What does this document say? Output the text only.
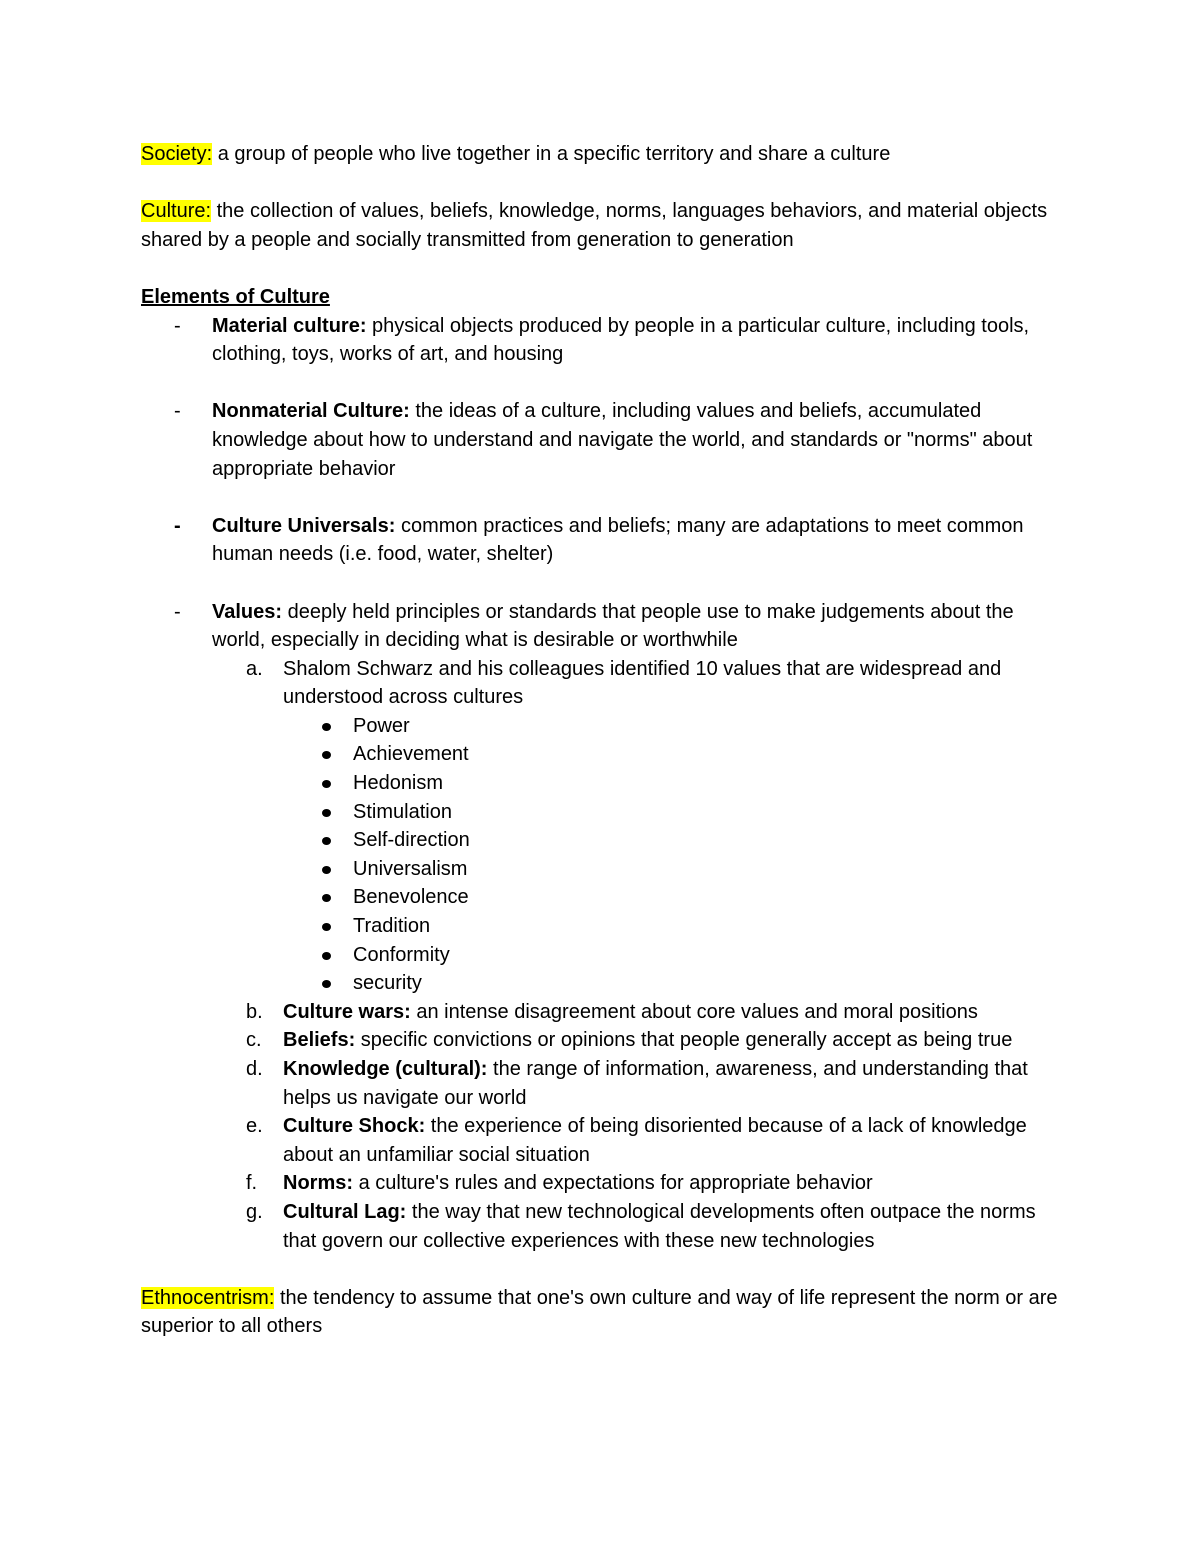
Society: a group of people who live together in a specific territory and share a culture

Culture: the collection of values, beliefs, knowledge, norms, languages behaviors, and material objects shared by a people and socially transmitted from generation to generation

Elements of Culture

- Material culture: physical objects produced by people in a particular culture, including tools, clothing, toys, works of art, and housing
- Nonmaterial Culture: the ideas of a culture, including values and beliefs, accumulated knowledge about how to understand and navigate the world, and standards or "norms" about appropriate behavior
- Culture Universals: common practices and beliefs; many are adaptations to meet common human needs (i.e. food, water, shelter)
- Values: deeply held principles or standards that people use to make judgements about the world, especially in deciding what is desirable or worthwhile
a. Shalom Schwarz and his colleagues identified 10 values that are widespread and understood across cultures
Power
Achievement
Hedonism
Stimulation
Self-direction
Universalism
Benevolence
Tradition
Conformity
security
b. Culture wars: an intense disagreement about core values and moral positions
c. Beliefs: specific convictions or opinions that people generally accept as being true
d. Knowledge (cultural): the range of information, awareness, and understanding that helps us navigate our world
e. Culture Shock: the experience of being disoriented because of a lack of knowledge about an unfamiliar social situation
f. Norms: a culture's rules and expectations for appropriate behavior
g. Cultural Lag: the way that new technological developments often outpace the norms that govern our collective experiences with these new technologies

Ethnocentrism: the tendency to assume that one's own culture and way of life represent the norm or are superior to all others
